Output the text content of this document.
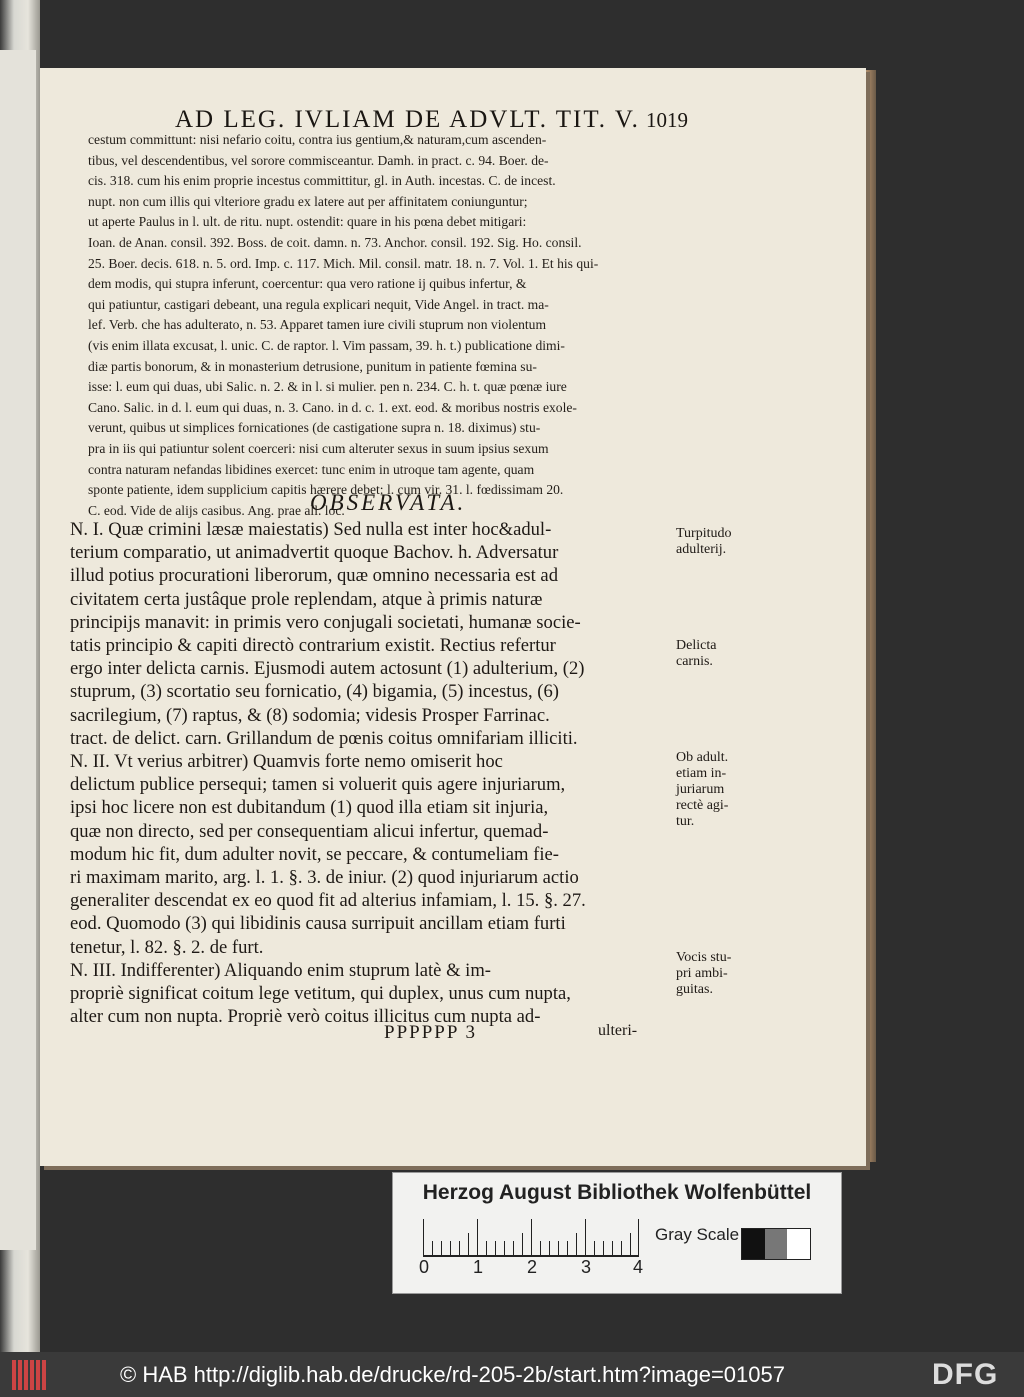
AD LEG. IVLIAM DE ADVLT. TIT. V. 1019
cestum committunt: nisi nefario coitu, contra ius gentium,& naturam,cum ascenden-
tibus, vel descendentibus, vel sorore commisceantur. Damh. in pract. c. 94. Boer. de-
cis. 318. cum his enim proprie incestus committitur, gl. in Auth. incestas. C. de incest.
nupt. non cum illis qui vlteriore gradu ex latere aut per affinitatem coniunguntur;
ut aperte Paulus in l. ult. de ritu. nupt. ostendit: quare in his pœna debet mitigari:
Ioan. de Anan. consil. 392. Boss. de coit. damn. n. 73. Anchor. consil. 192. Sig. Ho. consil.
25. Boer. decis. 618. n. 5. ord. Imp. c. 117. Mich. Mil. consil. matr. 18. n. 7. Vol. 1. Et his qui-
dem modis, qui stupra inferunt, coercentur: qua vero ratione ij quibus infertur, &
qui patiuntur, castigari debeant, una regula explicari nequit, Vide Angel. in tract. ma-
lef. Verb. che has adulterato, n. 53. Apparet tamen iure civili stuprum non violentum
(vis enim illata excusat, l. unic. C. de raptor. l. Vim passam, 39. h. t.) publicatione dimi-
diæ partis bonorum, & in monasterium detrusione, punitum in patiente fœmina su-
isse: l. eum qui duas, ubi Salic. n. 2. & in l. si mulier. pen n. 234. C. h. t. quæ pœnæ iure
Cano. Salic. in d. l. eum qui duas, n. 3. Cano. in d. c. 1. ext. eod. & moribus nostris exole-
verunt, quibus ut simplices fornicationes (de castigatione supra n. 18. diximus) stu-
pra in iis qui patiuntur solent coerceri: nisi cum alteruter sexus in suum ipsius sexum
contra naturam nefandas libidines exercet: tunc enim in utroque tam agente, quam
sponte patiente, idem supplicium capitis hærere debet: l. cum vir. 31. l. fœdissimam 20.
C. eod. Vide de alijs casibus. Ang. prae all. loc.
OBSERVATA.
N. I. Quæ crimini læsæ maiestatis) Sed nulla est inter hoc&adul-
terium comparatio, ut animadvertit quoque Bachov. h. Adversatur
illud potius procurationi liberorum, quæ omnino necessaria est ad
civitatem certa justâque prole replendam, atque à primis naturæ
principijs manavit: in primis vero conjugali societati, humanæ socie-
tatis principio & capiti directò contrarium existit. Rectius refertur
ergo inter delicta carnis. Ejusmodi autem actosunt (1) adulterium, (2)
stuprum, (3) scortatio seu fornicatio, (4) bigamia, (5) incestus, (6)
sacrilegium, (7) raptus, & (8) sodomia; videsis Prosper Farrinac.
tract. de delict. carn. Grillandum de pœnis coitus omnifariam illiciti.
N. II. Vt verius arbitrer) Quamvis forte nemo omiserit hoc
delictum publice persequi; tamen si voluerit quis agere injuriarum,
ipsi hoc licere non est dubitandum (1) quod illa etiam sit injuria,
quæ non directo, sed per consequentiam alicui infertur, quemad-
modum hic fit, dum adulter novit, se peccare, & contumeliam fie-
ri maximam marito, arg. l. 1. §. 3. de iniur. (2) quod injuriarum actio
generaliter descendat ex eo quod fit ad alterius infamiam, l. 15. §. 27.
eod. Quomodo (3) qui libidinis causa surripuit ancillam etiam furti
tenetur, l. 82. §. 2. de furt.
N. III. Indifferenter) Aliquando enim stuprum latè & im-
propriè significat coitum lege vetitum, qui duplex, unus cum nupta,
alter cum non nupta. Propriè verò coitus illicitus cum nupta ad-
Turpitudo
adulterij.
Delicta
carnis.
Ob adult.
etiam in-
juriarum
rectè agi-
tur.
Vocis stu-
pri ambi-
guitas.
PPPPPP 3	ulteri-
Herzog August Bibliothek Wolfenbüttel
0 1 2 3 4
Gray Scale
© HAB http://diglib.hab.de/drucke/rd-205-2b/start.htm?image=01057	DFG
